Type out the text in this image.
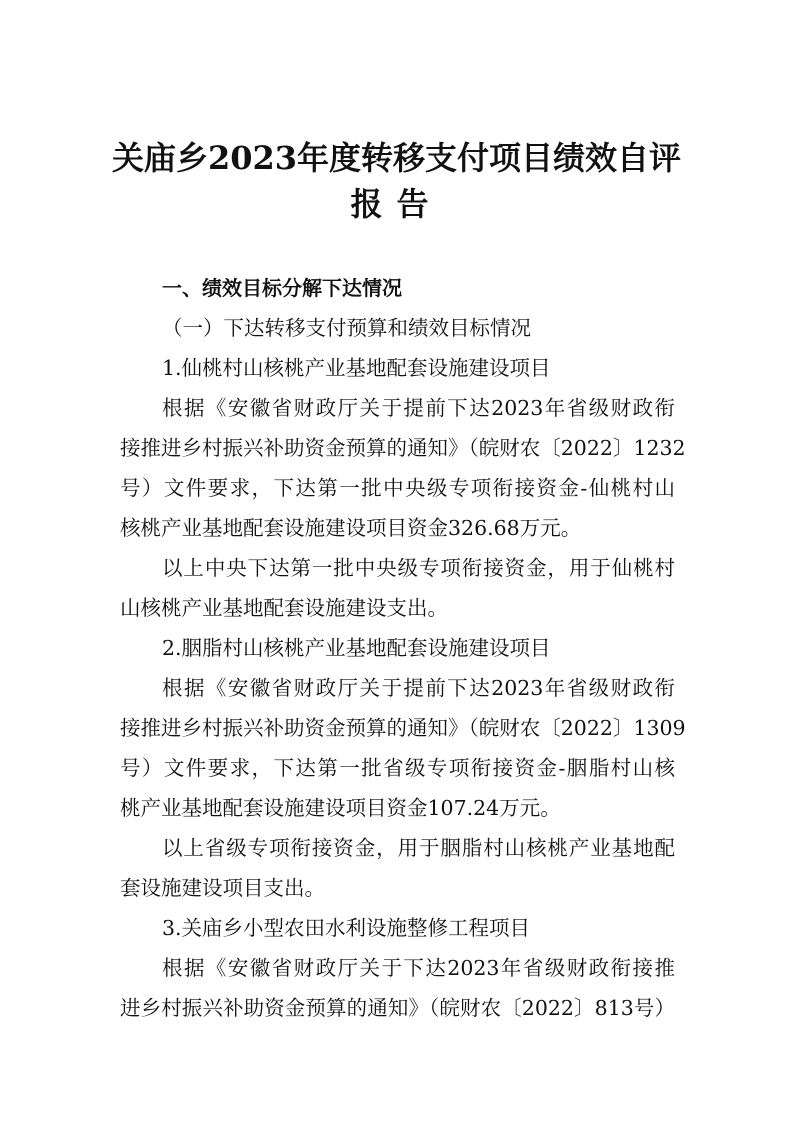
关庙乡2023年度转移支付项目绩效自评
报告

一、绩效目标分解下达情况

（一）下达转移支付预算和绩效目标情况

1.仙桃村山核桃产业基地配套设施建设项目

根据《安徽省财政厅关于提前下达2023年省级财政衔

接推进乡村振兴补助资金预算的通知》（皖财农〔2022〕1232

号）文件要求，下达第一批中央级专项衔接资金-仙桃村山

核桃产业基地配套设施建设项目资金326.68万元。

以上中央下达第一批中央级专项衔接资金，用于仙桃村

山核桃产业基地配套设施建设支出。

2.胭脂村山核桃产业基地配套设施建设项目

根据《安徽省财政厅关于提前下达2023年省级财政衔

接推进乡村振兴补助资金预算的通知》（皖财农〔2022〕1309

号）文件要求，下达第一批省级专项衔接资金-胭脂村山核

桃产业基地配套设施建设项目资金107.24万元。

以上省级专项衔接资金，用于胭脂村山核桃产业基地配

套设施建设项目支出。

3.关庙乡小型农田水利设施整修工程项目

根据《安徽省财政厅关于下达2023年省级财政衔接推

进乡村振兴补助资金预算的通知》（皖财农〔2022〕813号）
